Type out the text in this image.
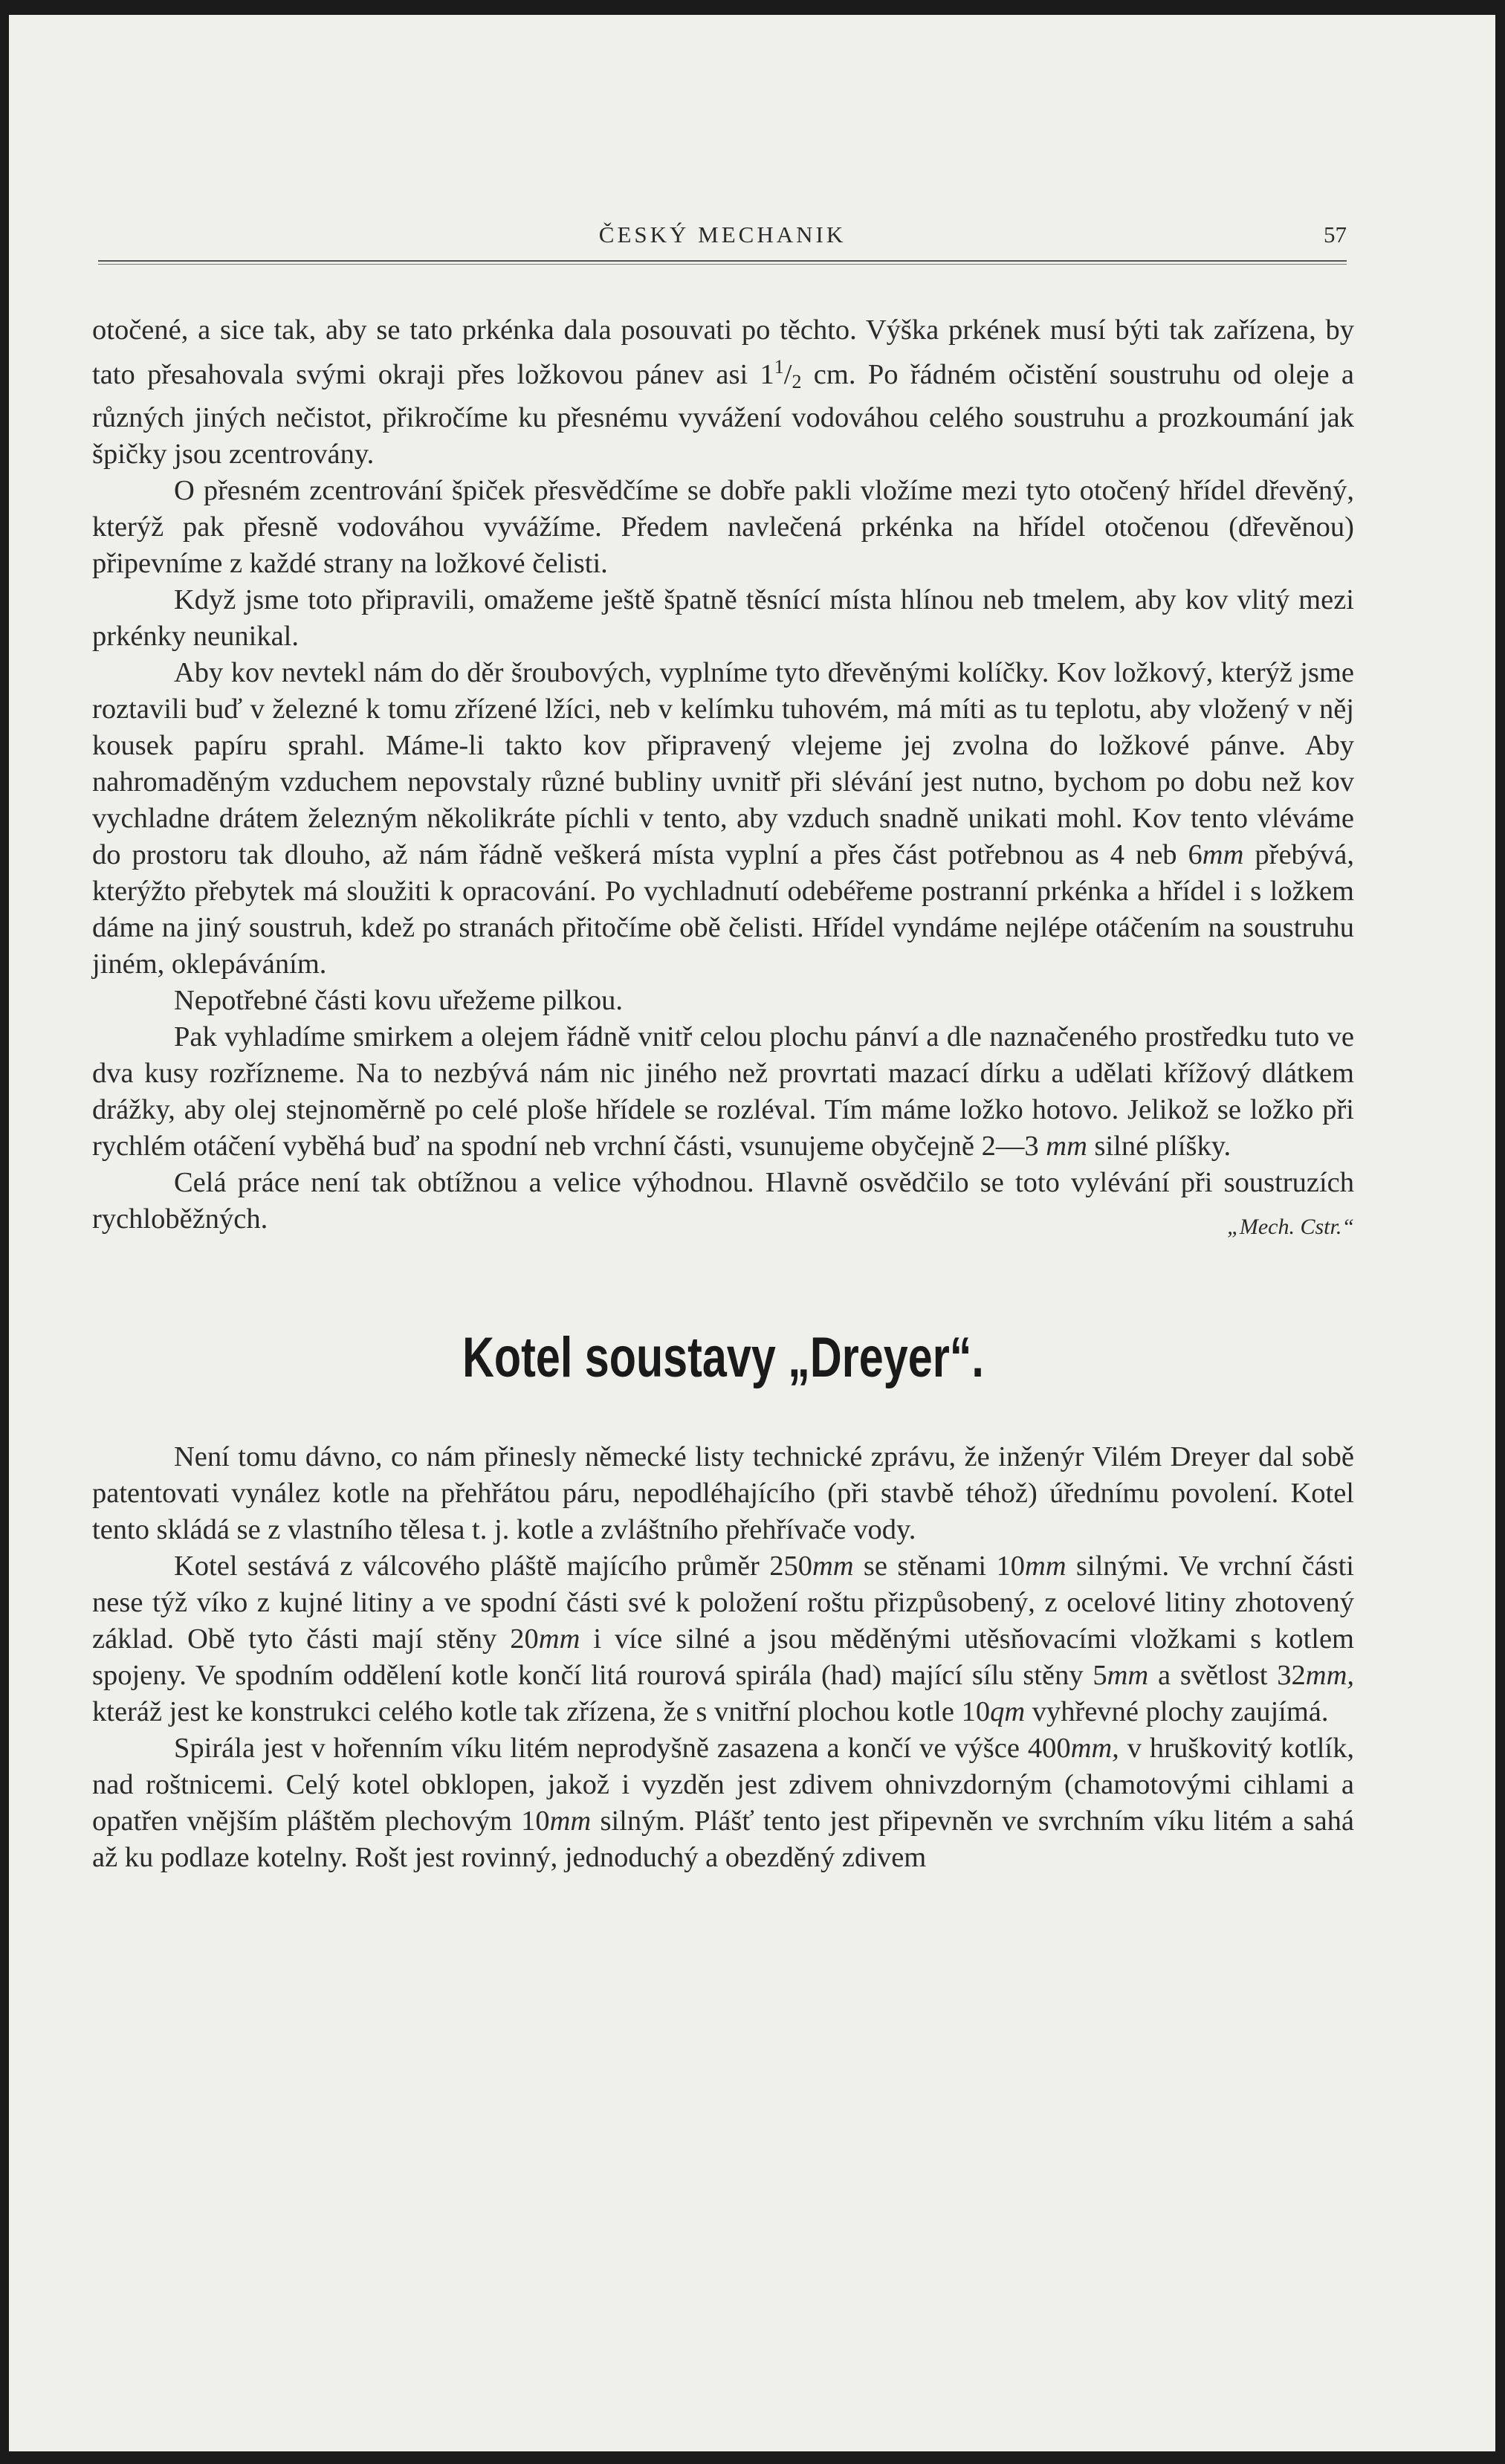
ČESKÝ MECHANIK	57

otočené, a sice tak, aby se tato prkénka dala posouvati po těchto. Výška prkének musí býti tak zařízena, by tato přesahovala svými okraji přes ložkovou pánev asi $1^1/_2$ cm. Po řádném očistění soustruhu od oleje a různých jiných nečistot, přikročíme ku přesnému vyvážení vodováhou celého soustruhu a prozkoumání jak špičky jsou zcentrovány.

O přesném zcentrování špiček přesvědčíme se dobře pakli vložíme mezi tyto otočený hřídel dřevěný, kterýž pak přesně vodováhou vyvážíme. Předem navlečená prkénka na hřídel otočenou (dřevěnou) připevníme z každé strany na ložkové čelisti.

Když jsme toto připravili, omažeme ještě špatně těsnící místa hlínou neb tmelem, aby kov vlitý mezi prkénky neunikal.

Aby kov nevtekl nám do děr šroubových, vyplníme tyto dřevěnými kolíčky. Kov ložkový, kterýž jsme roztavili buď v železné k tomu zřízené lžíci, neb v kelímku tuhovém, má míti as tu teplotu, aby vložený v něj kousek papíru sprahl. Máme-li takto kov připravený vlejeme jej zvolna do ložkové pánve. Aby nahromaděným vzduchem nepovstaly různé bubliny uvnitř při slévání jest nutno, bychom po dobu než kov vychladne drátem železným několikráte píchli v tento, aby vzduch snadně unikati mohl. Kov tento vléváme do prostoru tak dlouho, až nám řádně veškerá místa vyplní a přes část potřebnou as 4 neb 6mm přebývá, kterýžto přebytek má sloužiti k opracování. Po vychladnutí odebéřeme postranní prkénka a hřídel i s ložkem dáme na jiný soustruh, kdež po stranách přitočíme obě čelisti. Hřídel vyndáme nejlépe otáčením na soustruhu jiném, oklepáváním.

Nepotřebné části kovu uřežeme pilkou.

Pak vyhladíme smirkem a olejem řádně vnitř celou plochu pánví a dle naznačeného prostředku tuto ve dva kusy rozřízneme. Na to nezbývá nám nic jiného než provrtati mazací dírku a udělati křížový dlátkem drážky, aby olej stejnoměrně po celé ploše hřídele se rozléval. Tím máme ložko hotovo. Jelikož se ložko při rychlém otáčení vyběhá buď na spodní neb vrchní části, vsunujeme obyčejně 2—3 mm silné plíšky.

Celá práce není tak obtížnou a velice výhodnou. Hlavně osvědčilo se toto vylévání při soustruzích rychloběžných.	„Mech. Cstr.“

Kotel soustavy „Dreyer“.

Není tomu dávno, co nám přinesly německé listy technické zprávu, že inženýr Vilém Dreyer dal sobě patentovati vynález kotle na přehřátou páru, nepodléhajícího (při stavbě téhož) úřednímu povolení. Kotel tento skládá se z vlastního tělesa t. j. kotle a zvláštního přehřívače vody.

Kotel sestává z válcového pláště majícího průměr 250mm se stěnami 10mm silnými. Ve vrchní části nese týž víko z kujné litiny a ve spodní části své k položení roštu přizpůsobený, z ocelové litiny zhotovený základ. Obě tyto části mají stěny 20mm i více silné a jsou měděnými utěsňovacími vložkami s kotlem spojeny. Ve spodním oddělení kotle končí litá rourová spirála (had) mající sílu stěny 5mm a světlost 32mm, kteráž jest ke konstrukci celého kotle tak zřízena, že s vnitřní plochou kotle 10qm vyhřevné plochy zaujímá.

Spirála jest v hořenním víku litém neprodyšně zasazena a končí ve výšce 400mm, v hruškovitý kotlík, nad roštnicemi. Celý kotel obklopen, jakož i vyzděn jest zdivem ohnivzdorným (chamotovými cihlami a opatřen vnějším pláštěm plechovým 10mm silným. Plášť tento jest připevněn ve svrchním víku litém a sahá až ku podlaze kotelny. Rošt jest rovinný, jednoduchý a obezděný zdivem
